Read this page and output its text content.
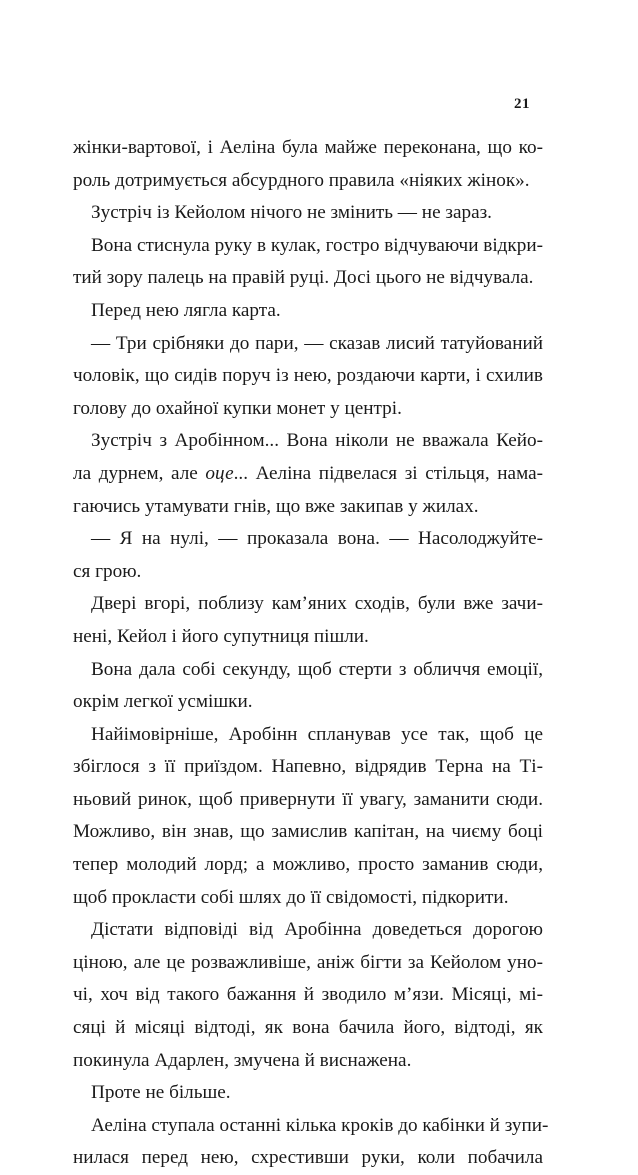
21
жінки-вартової, і Аеліна була майже переконана, що ко-
роль дотримується абсурдного правила «ніяких жінок».
Зустріч із Кейолом нічого не змінить — не зараз.
Вона стиснула руку в кулак, гостро відчуваючи відкри-
тий зору палець на правій руці. Досі цього не відчувала.
Перед нею лягла карта.
— Три срібняки до пари, — сказав лисий татуйований
чоловік, що сидів поруч із нею, роздаючи карти, і схилив
голову до охайної купки монет у центрі.
Зустріч з Аробінном... Вона ніколи не вважала Кейо-
ла дурнем, але оце... Аеліна підвелася зі стільця, нама-
гаючись утамувати гнів, що вже закипав у жилах.
— Я на нулі, — проказала вона. — Насолоджуйте-
ся грою.
Двері вгорі, поблизу кам’яних сходів, були вже зачи-
нені, Кейол і його супутниця пішли.
Вона дала собі секунду, щоб стерти з обличчя емоції,
окрім легкої усмішки.
Найімовірніше, Аробінн спланував усе так, щоб це
збіглося з її приїздом. Напевно, відрядив Терна на Ті-
ньовий ринок, щоб привернути її увагу, заманити сюди.
Можливо, він знав, що замислив капітан, на чиєму боці
тепер молодий лорд; а можливо, просто заманив сюди,
щоб прокласти собі шлях до її свідомості, підкорити.
Дістати відповіді від Аробінна доведеться дорогою
ціною, але це розважливіше, аніж бігти за Кейолом уно-
чі, хоч від такого бажання й зводило м’язи. Місяці, мі-
сяці й місяці відтоді, як вона бачила його, відтоді, як
покинула Адарлен, змучена й виснажена.
Проте не більше.
Аеліна ступала останні кілька кроків до кабінки й зупи-
нилася перед нею, схрестивши руки, коли побачила
